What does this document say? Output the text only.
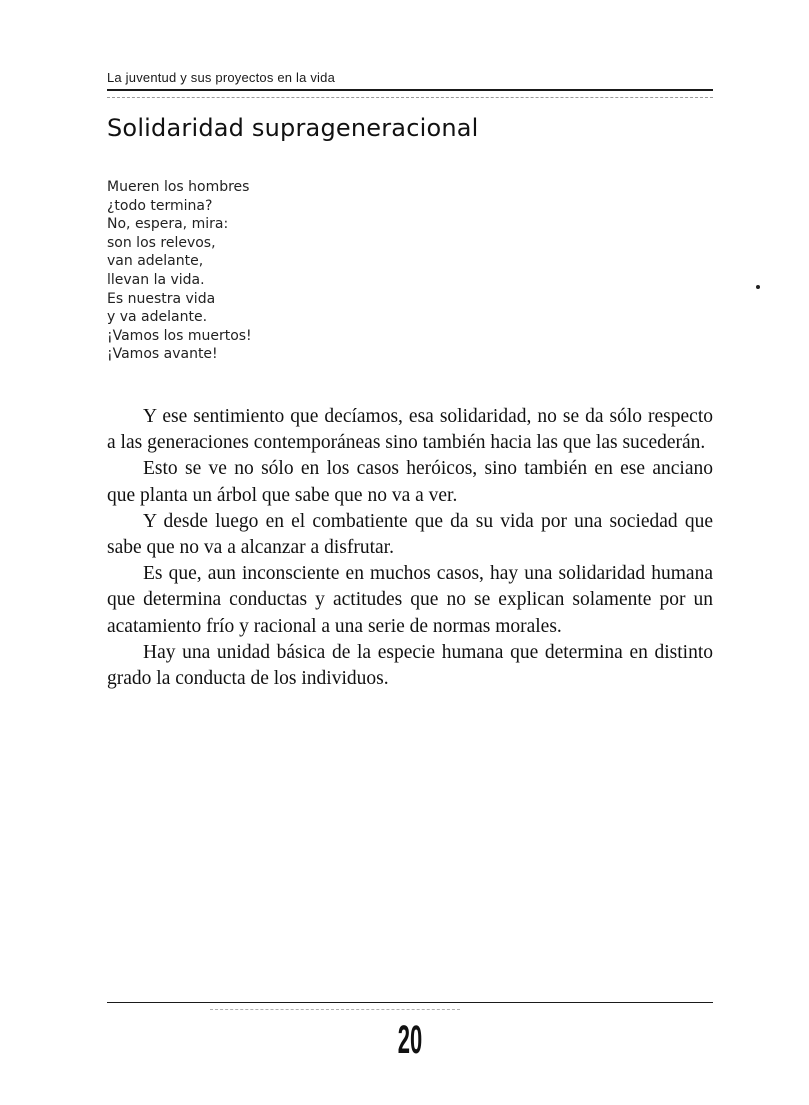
La juventud y sus proyectos en la vida
Solidaridad suprageneracional
Mueren los hombres
¿todo termina?
No, espera, mira:
son los relevos,
van adelante,
llevan la vida.
Es nuestra vida
y va adelante.
¡Vamos los muertos!
¡Vamos avante!

Y ese sentimiento que decíamos, esa solidaridad, no se da sólo respecto a las generaciones contemporáneas sino también hacia las que las sucederán.

Esto se ve no sólo en los casos heróicos, sino también en ese anciano que planta un árbol que sabe que no va a ver.

Y desde luego en el combatiente que da su vida por una sociedad que sabe que no va a alcanzar a disfrutar.

Es que, aun inconsciente en muchos casos, hay una solidaridad humana que determina conductas y actitudes que no se explican solamente por un acatamiento frío y racional a una serie de normas morales.

Hay una unidad básica de la especie humana que determina en distinto grado la conducta de los individuos.

20
